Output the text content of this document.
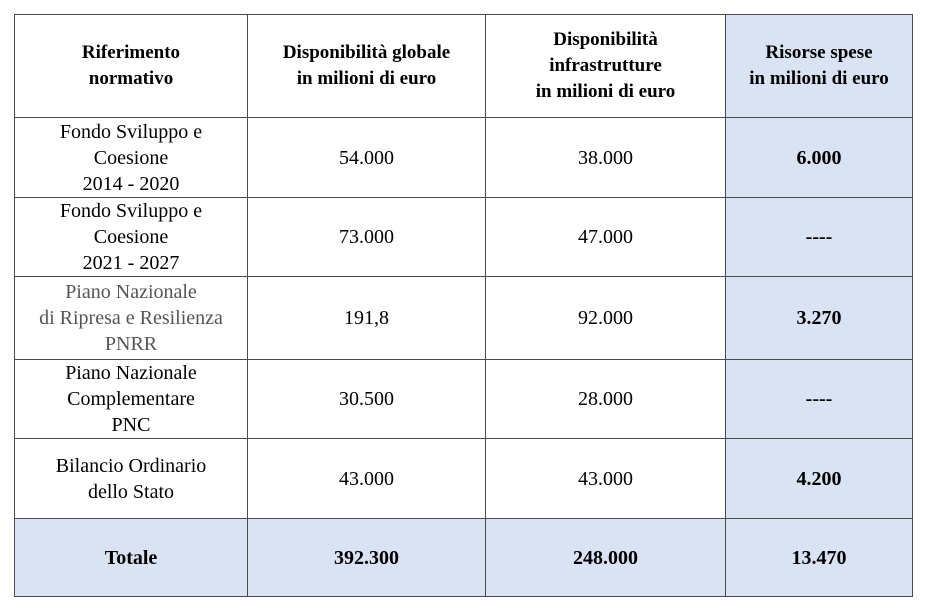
Riferimento
normativo	Disponibilità globale
in milioni di euro	Disponibilità
infrastrutture
in milioni di euro	Risorse spese
in milioni di euro
Fondo Sviluppo e
Coesione
2014 - 2020	54.000	38.000	6.000
Fondo Sviluppo e
Coesione
2021 - 2027	73.000	47.000	----
Piano Nazionale
di Ripresa e Resilienza
PNRR	191,8	92.000	3.270
Piano Nazionale
Complementare
PNC	30.500	28.000	----
Bilancio Ordinario
dello Stato	43.000	43.000	4.200
Totale	392.300	248.000	13.470
